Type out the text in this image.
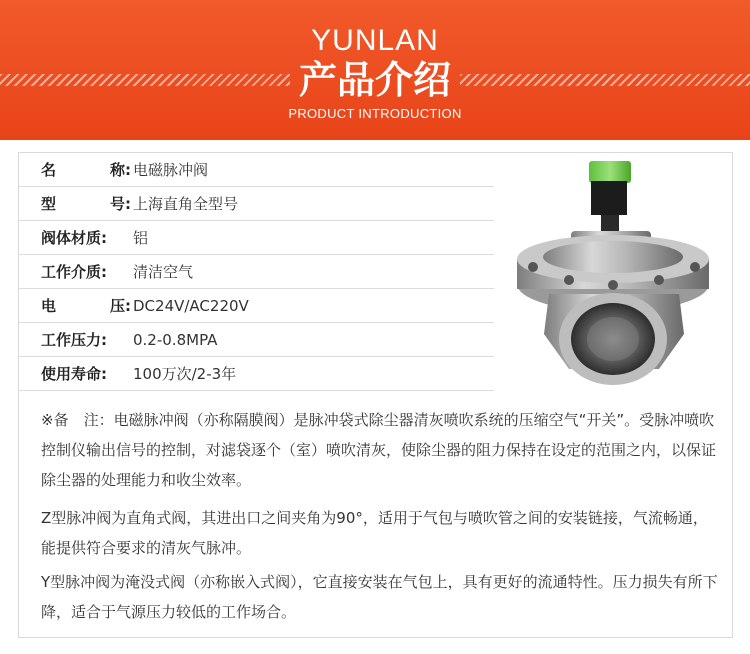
YUNLAN
产品介绍
PRODUCT INTRODUCTION
名	称: 电磁脉冲阀
型	号: 上海直角全型号
阀体材质:	铝
工作介质:	清洁空气
电	压: DC24V/AC220V
工作压力:	0.2-0.8MPA
使用寿命:	100万次/2-3年

※备　注：电磁脉冲阀（亦称隔膜阀）是脉冲袋式除尘器清灰喷吹系统的压缩空气“开关”。受脉冲喷吹控制仪输出信号的控制，对滤袋逐个（室）喷吹清灰，使除尘器的阻力保持在设定的范围之内，以保证除尘器的处理能力和收尘效率。

Z型脉冲阀为直角式阀，其进出口之间夹角为90°，适用于气包与喷吹管之间的安装链接，气流畅通，能提供符合要求的清灰气脉冲。

Y型脉冲阀为淹没式阀（亦称嵌入式阀），它直接安装在气包上，具有更好的流通特性。压力损失有所下降，适合于气源压力较低的工作场合。
